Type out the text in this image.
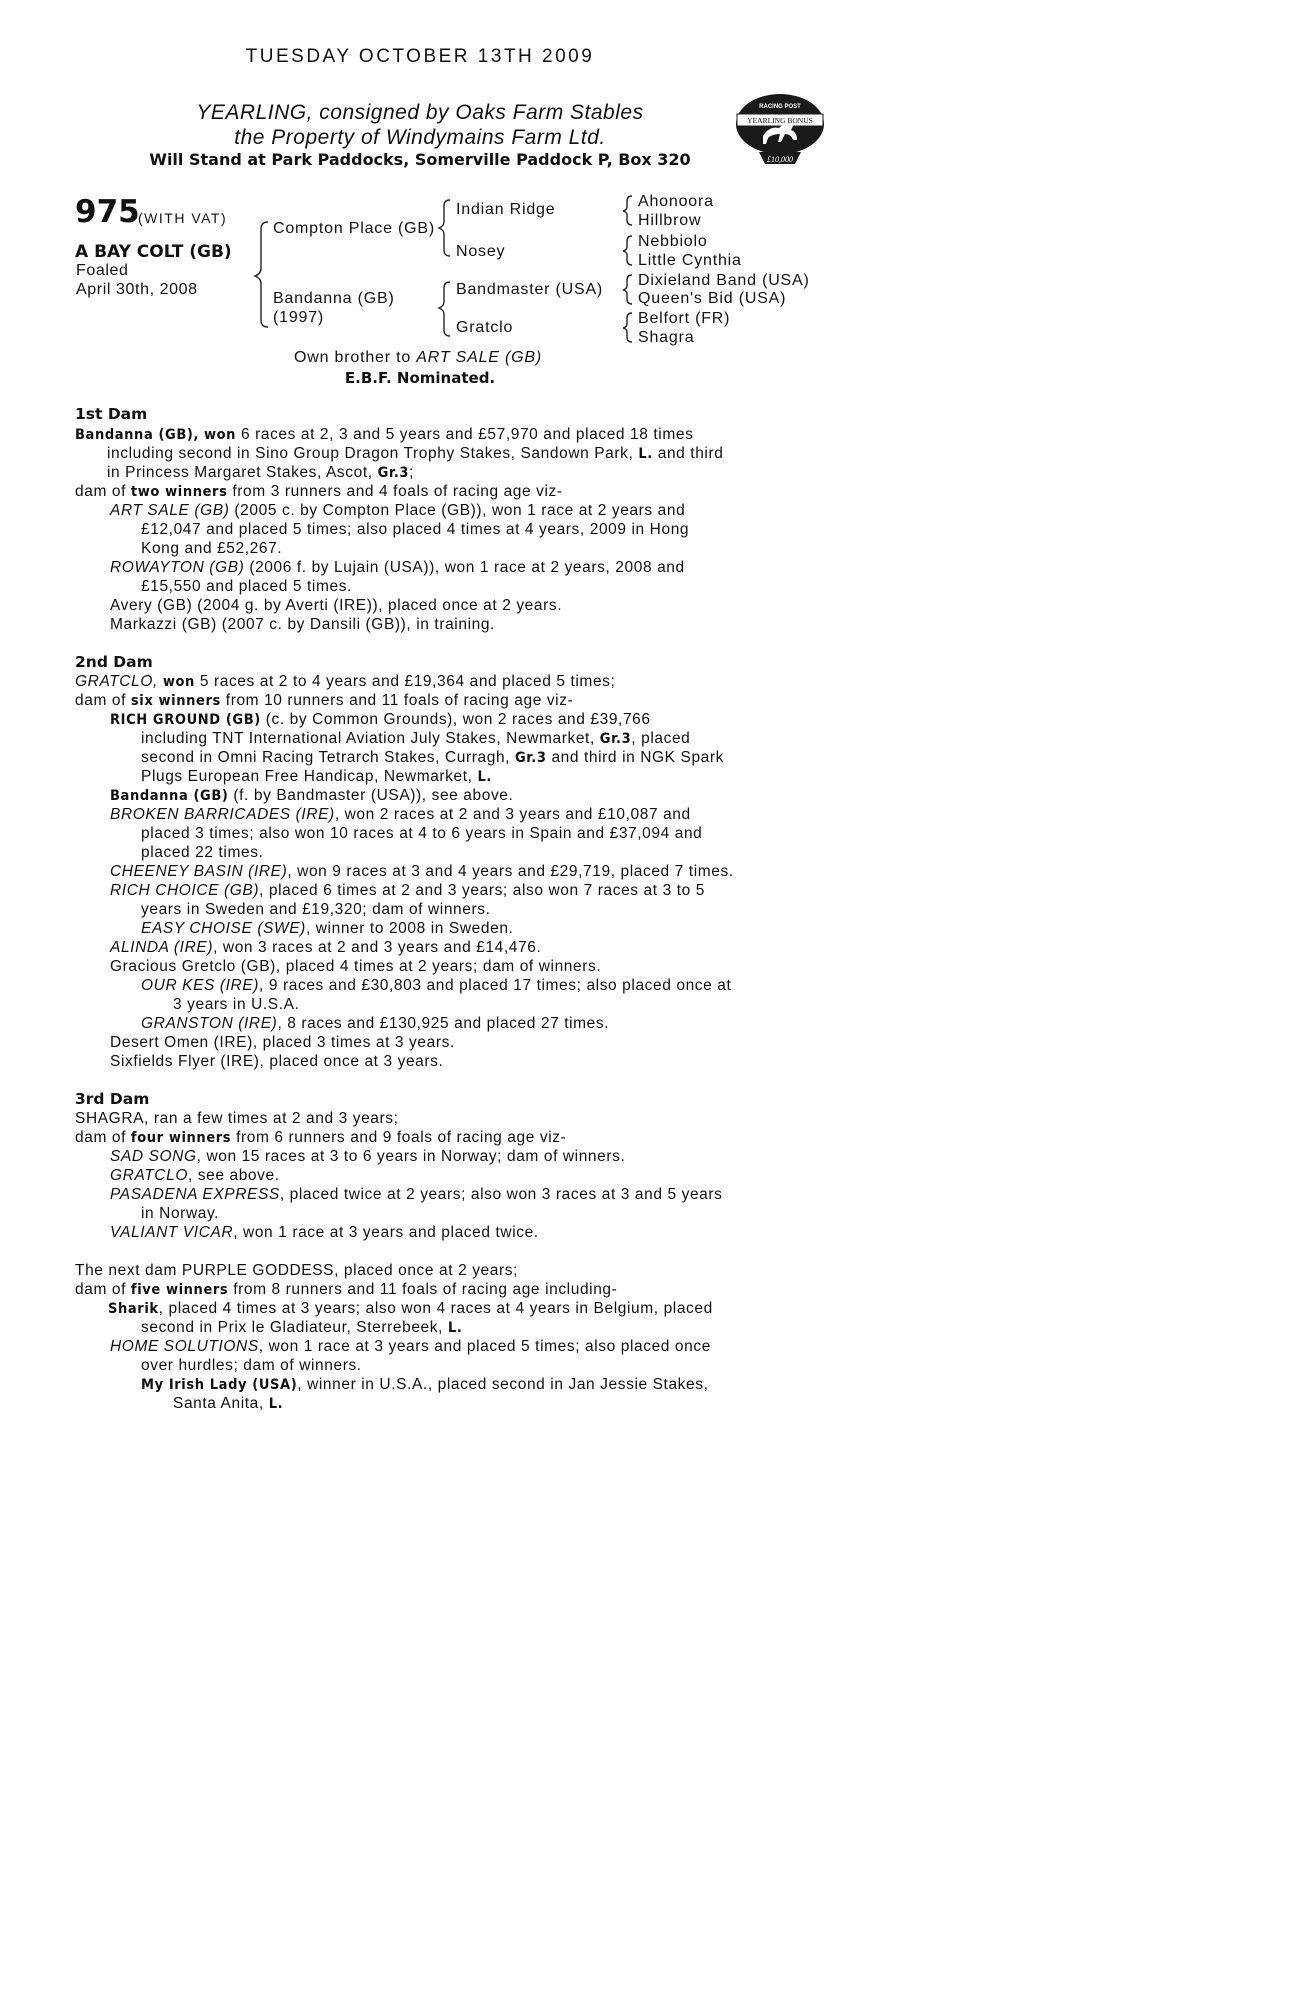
TUESDAY OCTOBER 13TH 2009
YEARLING, consigned by Oaks Farm Stables
the Property of Windymains Farm Ltd.
Will Stand at Park Paddocks, Somerville Paddock P, Box 320
RACING POST
YEARLING BONUS
£10,000
975
(WITH VAT)
A BAY COLT (GB)
Foaled
April 30th, 2008
Compton Place (GB)
Bandanna (GB)
(1997)
Indian Ridge
Nosey
Bandmaster (USA)
Gratclo
Ahonoora
Hillbrow
Nebbiolo
Little Cynthia
Dixieland Band (USA)
Queen's Bid (USA)
Belfort (FR)
Shagra
Own brother to ART SALE (GB)
E.B.F. Nominated.
1st Dam
Bandanna (GB), won 6 races at 2, 3 and 5 years and £57,970 and placed 18 times
including second in Sino Group Dragon Trophy Stakes, Sandown Park, L. and third
in Princess Margaret Stakes, Ascot, Gr.3;
dam of two winners from 3 runners and 4 foals of racing age viz-
ART SALE (GB) (2005 c. by Compton Place (GB)), won 1 race at 2 years and
£12,047 and placed 5 times; also placed 4 times at 4 years, 2009 in Hong
Kong and £52,267.
ROWAYTON (GB) (2006 f. by Lujain (USA)), won 1 race at 2 years, 2008 and
£15,550 and placed 5 times.
Avery (GB) (2004 g. by Averti (IRE)), placed once at 2 years.
Markazzi (GB) (2007 c. by Dansili (GB)), in training.
2nd Dam
GRATCLO, won 5 races at 2 to 4 years and £19,364 and placed 5 times;
dam of six winners from 10 runners and 11 foals of racing age viz-
RICH GROUND (GB) (c. by Common Grounds), won 2 races and £39,766
including TNT International Aviation July Stakes, Newmarket, Gr.3, placed
second in Omni Racing Tetrarch Stakes, Curragh, Gr.3 and third in NGK Spark
Plugs European Free Handicap, Newmarket, L.
Bandanna (GB) (f. by Bandmaster (USA)), see above.
BROKEN BARRICADES (IRE), won 2 races at 2 and 3 years and £10,087 and
placed 3 times; also won 10 races at 4 to 6 years in Spain and £37,094 and
placed 22 times.
CHEENEY BASIN (IRE), won 9 races at 3 and 4 years and £29,719, placed 7 times.
RICH CHOICE (GB), placed 6 times at 2 and 3 years; also won 7 races at 3 to 5
years in Sweden and £19,320; dam of winners.
EASY CHOISE (SWE), winner to 2008 in Sweden.
ALINDA (IRE), won 3 races at 2 and 3 years and £14,476.
Gracious Gretclo (GB), placed 4 times at 2 years; dam of winners.
OUR KES (IRE), 9 races and £30,803 and placed 17 times; also placed once at
3 years in U.S.A.
GRANSTON (IRE), 8 races and £130,925 and placed 27 times.
Desert Omen (IRE), placed 3 times at 3 years.
Sixfields Flyer (IRE), placed once at 3 years.
3rd Dam
SHAGRA, ran a few times at 2 and 3 years;
dam of four winners from 6 runners and 9 foals of racing age viz-
SAD SONG, won 15 races at 3 to 6 years in Norway; dam of winners.
GRATCLO, see above.
PASADENA EXPRESS, placed twice at 2 years; also won 3 races at 3 and 5 years
in Norway.
VALIANT VICAR, won 1 race at 3 years and placed twice.
The next dam PURPLE GODDESS, placed once at 2 years;
dam of five winners from 8 runners and 11 foals of racing age including-
Sharik, placed 4 times at 3 years; also won 4 races at 4 years in Belgium, placed
second in Prix le Gladiateur, Sterrebeek, L.
HOME SOLUTIONS, won 1 race at 3 years and placed 5 times; also placed once
over hurdles; dam of winners.
My Irish Lady (USA), winner in U.S.A., placed second in Jan Jessie Stakes,
Santa Anita, L.
